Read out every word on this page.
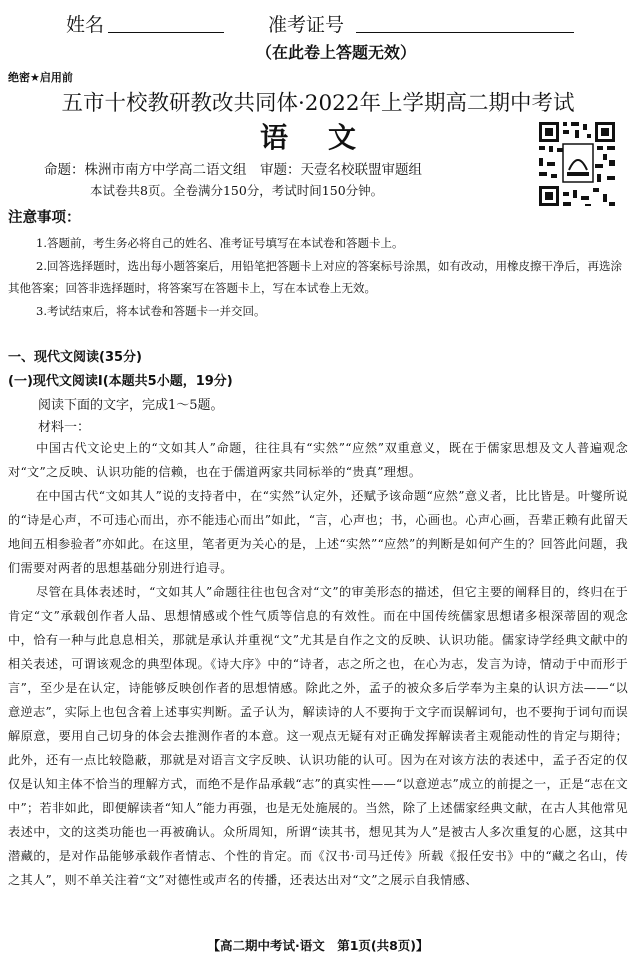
姓名	准考证号
（在此卷上答题无效）
绝密★启用前
五市十校教研教改共同体·2022年上学期高二期中考试
语文
命题：株洲市南方中学高二语文组　审题：天壹名校联盟审题组
本试卷共8页。全卷满分150分，考试时间150分钟。
注意事项：
1.答题前，考生务必将自己的姓名、准考证号填写在本试卷和答题卡上。
2.回答选择题时，选出每小题答案后，用铅笔把答题卡上对应的答案标号涂黑，如有改动，用橡皮擦干净后，再选涂其他答案；回答非选择题时，将答案写在答题卡上，写在本试卷上无效。
3.考试结束后，将本试卷和答题卡一并交回。
一、现代文阅读(35分)
(一)现代文阅读Ⅰ(本题共5小题，19分)
阅读下面的文字，完成1～5题。
材料一：
中国古代文论史上的“文如其人”命题，往往具有“实然”“应然”双重意义，既在于儒家思想及文人普遍观念对“文”之反映、认识功能的信赖，也在于儒道两家共同标举的“贵真”理想。
在中国古代“文如其人”说的支持者中，在“实然”认定外，还赋予该命题“应然”意义者，比比皆是。叶燮所说的“诗是心声，不可违心而出，亦不能违心而出”如此，“言，心声也；书，心画也。心声心画，吾辈正赖有此留天地间五相参验者”亦如此。在这里，笔者更为关心的是，上述“实然”“应然”的判断是如何产生的？回答此问题，我们需要对两者的思想基础分别进行追寻。
尽管在具体表述时，“文如其人”命题往往也包含对“文”的审美形态的描述，但它主要的阐释目的，终归在于肯定“文”承载创作者人品、思想情感或个性气质等信息的有效性。而在中国传统儒家思想诸多根深蒂固的观念中，恰有一种与此息息相关，那就是承认并重视“文”尤其是自作之文的反映、认识功能。儒家诗学经典文献中的相关表述，可谓该观念的典型体现。《诗大序》中的“诗者，志之所之也，在心为志，发言为诗，情动于中而形于言”，至少是在认定，诗能够反映创作者的思想情感。除此之外，孟子的被众多后学奉为主臬的认识方法——“以意逆志”，实际上也包含着上述事实判断。孟子认为，解读诗的人不要拘于文字而误解词句，也不要拘于词句而误解原意，要用自己切身的体会去推测作者的本意。这一观点无疑有对正确发挥解读者主观能动性的肯定与期待；此外，还有一点比较隐蔽，那就是对语言文字反映、认识功能的认可。因为在对该方法的表述中，孟子否定的仅仅是认知主体不恰当的理解方式，而绝不是作品承载“志”的真实性——“以意逆志”成立的前提之一，正是“志在文中”；若非如此，即便解读者“知人”能力再强，也是无处施展的。当然，除了上述儒家经典文献，在古人其他常见表述中，文的这类功能也一再被确认。众所周知，所谓“读其书，想见其为人”是被古人多次重复的心愿，这其中潜藏的，是对作品能够承载作者情志、个性的肯定。而《汉书·司马迁传》所载《报任安书》中的“藏之名山，传之其人”，则不单关注着“文”对德性或声名的传播，还表达出对“文”之展示自我情感、
【高二期中考试·语文　第1页(共8页)】
